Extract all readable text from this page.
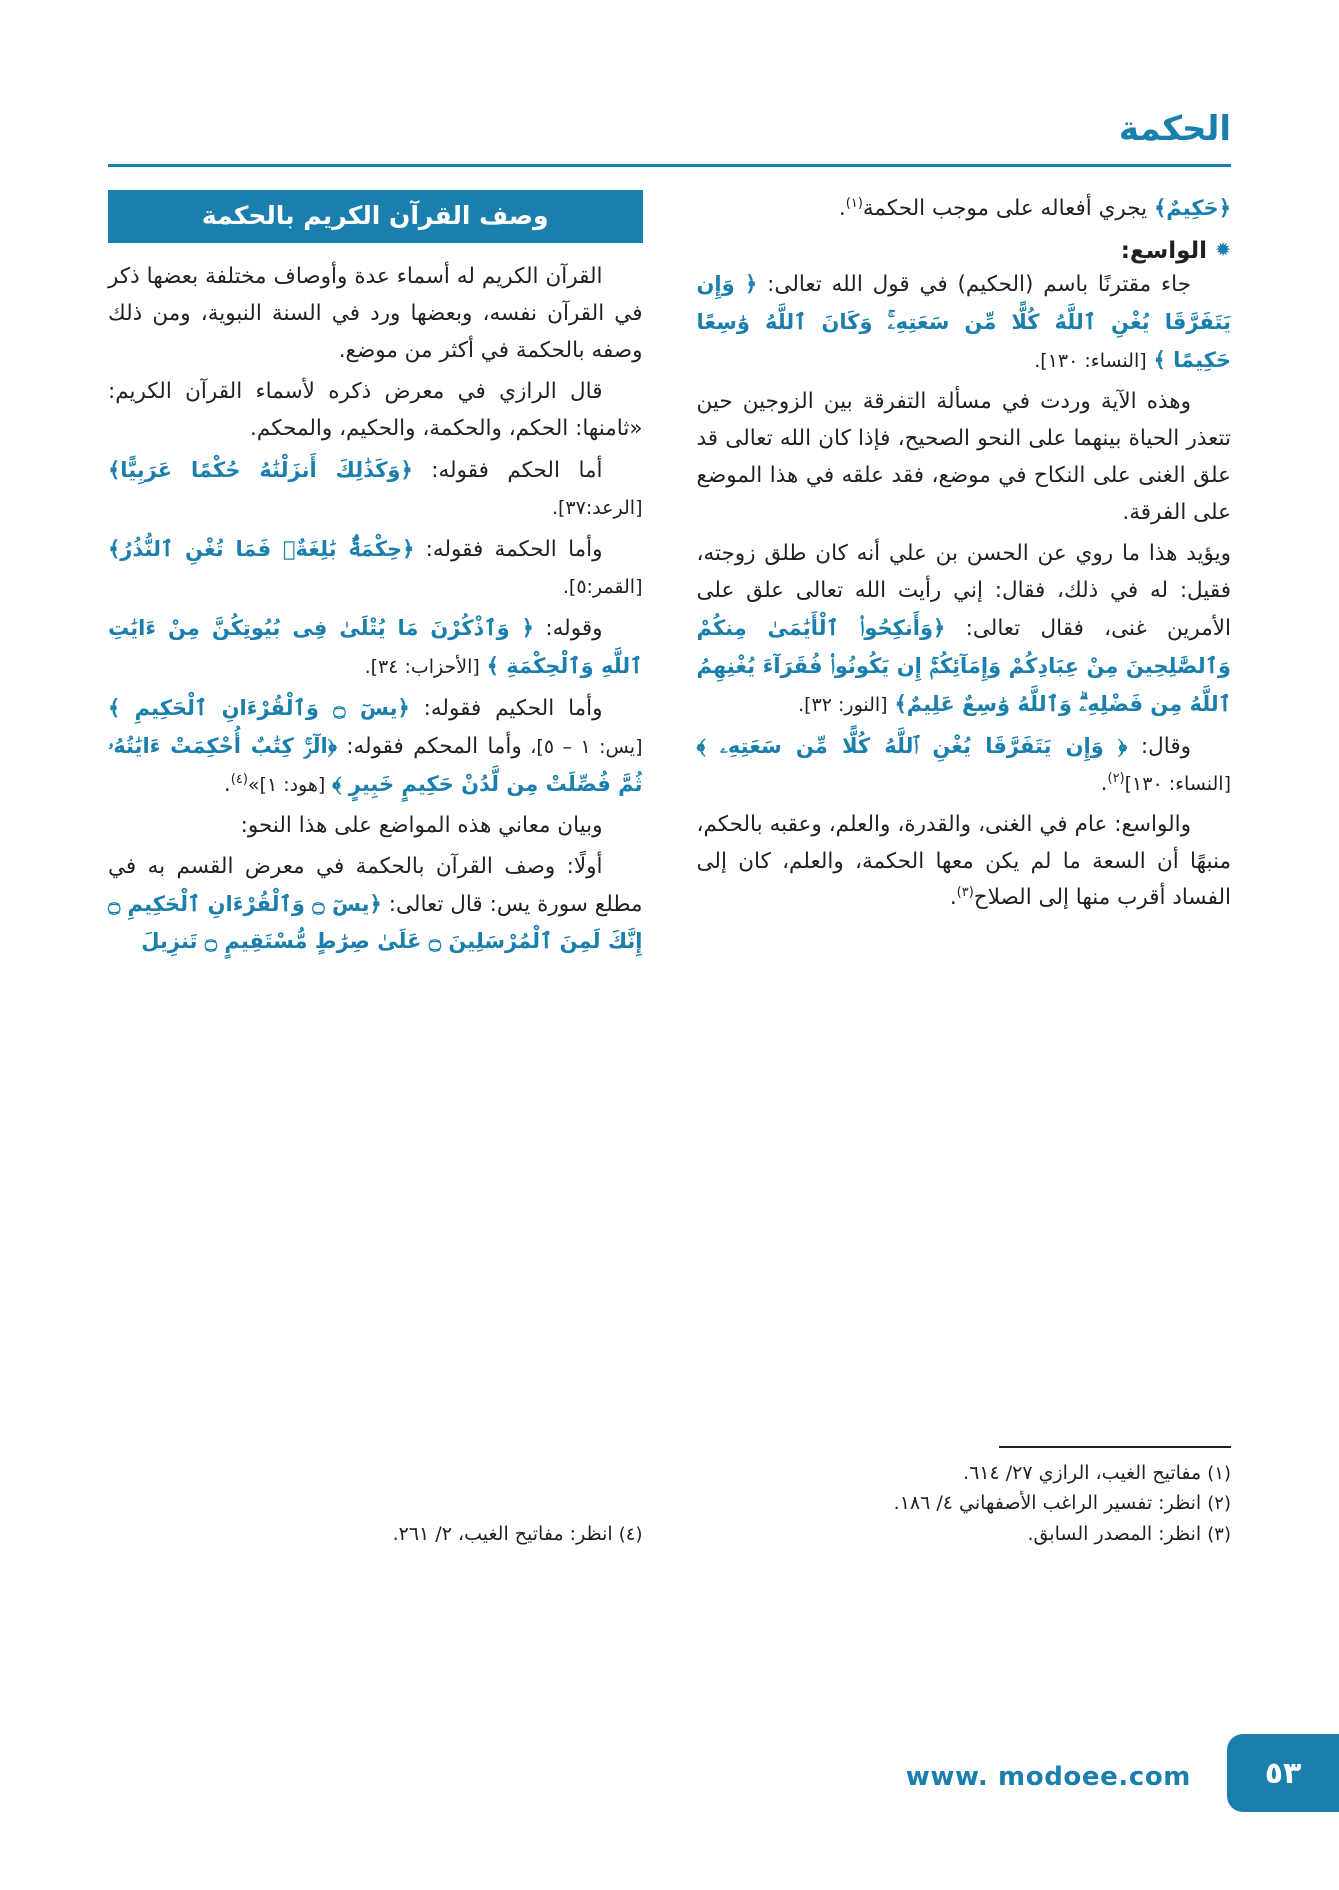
الحكمة

﴿حَكِيمٌ﴾ يجري أفعاله على موجب الحكمة$^{(١)}$.

✹
الواسع:

جاء مقترنًا باسم (الحكيم) في قول الله تعالى: ﴿ وَإِن يَتَفَرَّقَا يُغْنِ ٱللَّهُ كُلًّا مِّن سَعَتِهِۦۚ وَكَانَ ٱللَّهُ وَٰسِعًا حَكِيمًا ﴾ [النساء: ١٣٠].

وهذه الآية وردت في مسألة التفرقة بين الزوجين حين تتعذر الحياة بينهما على النحو الصحيح، فإذا كان الله تعالى قد علق الغنى على النكاح في موضع، فقد علقه في هذا الموضع على الفرقة.

ويؤيد هذا ما روي عن الحسن بن علي أنه كان طلق زوجته، فقيل: له في ذلك، فقال: إني رأيت الله تعالى علق على الأمرين غنى، فقال تعالى: ﴿وَأَنكِحُوا۟ ٱلْأَيَٰمَىٰ مِنكُمْ وَٱلصَّٰلِحِينَ مِنْ عِبَادِكُمْ وَإِمَآئِكُمْۚ إِن يَكُونُوا۟ فُقَرَآءَ يُغْنِهِمُ ٱللَّهُ مِن فَضْلِهِۦۗ وَٱللَّهُ وَٰسِعٌ عَلِيمٌ﴾ [النور: ٣٢].

وقال: ﴿ وَإِن يَتَفَرَّقَا يُغْنِ ٱللَّهُ كُلًّا مِّن سَعَتِهِۦ ﴾ [النساء: ١٣٠]$^{(٢)}$.

والواسع: عام في الغنى، والقدرة، والعلم، وعقبه بالحكم، منبهًا أن السعة ما لم يكن معها الحكمة، والعلم، كان إلى الفساد أقرب منها إلى الصلاح$^{(٣)}$.

(١) مفاتيح الغيب، الرازي ٢٧/ ٦١٤.

(٢) انظر: تفسير الراغب الأصفهاني ٤/ ١٨٦.

(٣) انظر: المصدر السابق.

وصف القرآن الكريم بالحكمة

القرآن الكريم له أسماء عدة وأوصاف مختلفة بعضها ذكر في القرآن نفسه، وبعضها ورد في السنة النبوية، ومن ذلك وصفه بالحكمة في أكثر من موضع.

قال الرازي في معرض ذكره لأسماء القرآن الكريم: «ثامنها: الحكم، والحكمة، والحكيم، والمحكم.

أما الحكم فقوله: ﴿وَكَذَٰلِكَ أَنزَلْنَٰهُ حُكْمًا عَرَبِيًّا﴾ [الرعد:٣٧].

وأما الحكمة فقوله: ﴿حِكْمَةٌۢ بَٰلِغَةٌۖ فَمَا تُغْنِ ٱلنُّذُرُ﴾ [القمر:٥].

وقوله: ﴿ وَٱذْكُرْنَ مَا يُتْلَىٰ فِى بُيُوتِكُنَّ مِنْ ءَايَٰتِ ٱللَّهِ وَٱلْحِكْمَةِ ﴾ [الأحزاب: ٣٤].

وأما الحكيم فقوله: ﴿يسٓ ۝ وَٱلْقُرْءَانِ ٱلْحَكِيمِ ﴾ [يس: ١ – ٥]، وأما المحكم فقوله: ﴿الٓرۚ كِتَٰبٌ أُحْكِمَتْ ءَايَٰتُهُۥ ثُمَّ فُصِّلَتْ مِن لَّدُنْ حَكِيمٍ خَبِيرٍ ﴾ [هود: ١]»$^{(٤)}$.

وبيان معاني هذه المواضع على هذا النحو:

أولًا: وصف القرآن بالحكمة في معرض القسم به في مطلع سورة يس: قال تعالى: ﴿يسٓ ۝ وَٱلْقُرْءَانِ ٱلْحَكِيمِ ۝ إِنَّكَ لَمِنَ ٱلْمُرْسَلِينَ ۝ عَلَىٰ صِرَٰطٍ مُّسْتَقِيمٍ ۝ تَنزِيلَ

(٤) انظر: مفاتيح الغيب، ٢/ ٢٦١.

٥٣
www. modoee.com
